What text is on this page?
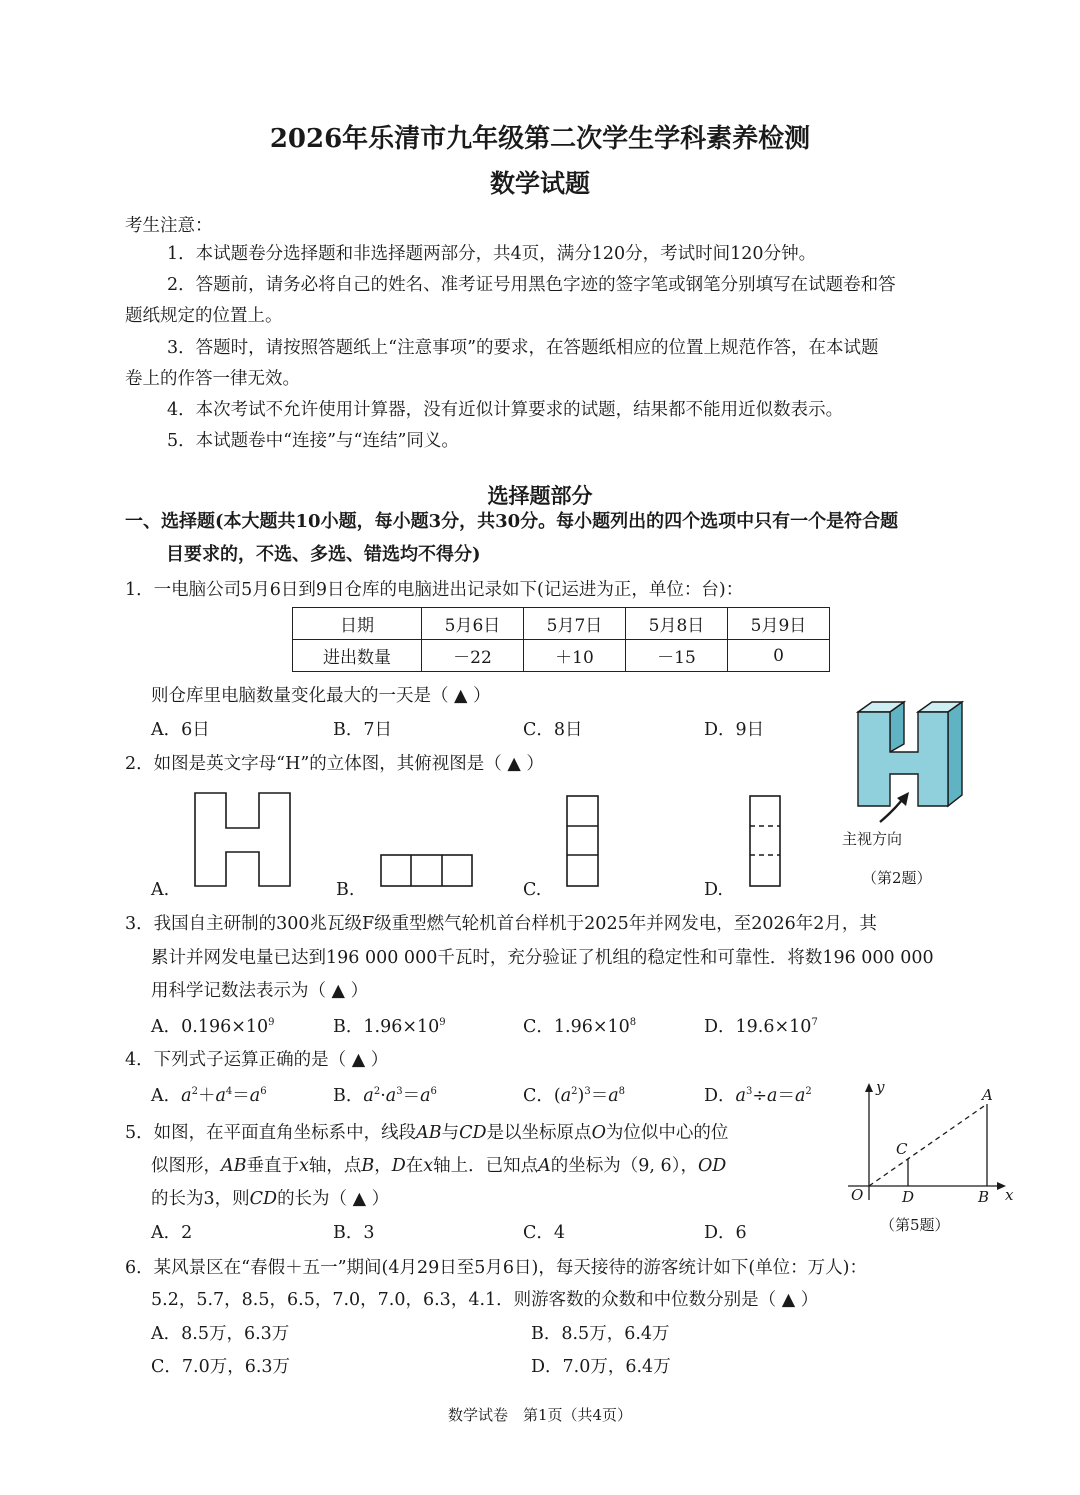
2026年乐清市九年级第二次学生学科素养检测
数学试题
考生注意：
1．本试题卷分选择题和非选择题两部分，共4页，满分120分，考试时间120分钟。
2．答题前，请务必将自己的姓名、准考证号用黑色字迹的签字笔或钢笔分别填写在试题卷和答
题纸规定的位置上。
3．答题时，请按照答题纸上“注意事项”的要求，在答题纸相应的位置上规范作答，在本试题
卷上的作答一律无效。
4．本次考试不允许使用计算器，没有近似计算要求的试题，结果都不能用近似数表示。
5．本试题卷中“连接”与“连结”同义。
选择题部分
一、选择题(本大题共10小题，每小题3分，共30分。每小题列出的四个选项中只有一个是符合题
目要求的，不选、多选、错选均不得分)
1．一电脑公司5月6日到9日仓库的电脑进出记录如下(记运进为正，单位：台)：
日期	5月6日	5月7日	5月8日	5月9日
进出数量	－22	＋10	－15	0
则仓库里电脑数量变化最大的一天是（ ▲ ）
A．6日	B．7日	C．8日	D．9日
2．如图是英文字母“H”的立体图，其俯视图是（ ▲ ）
A.	B.	C.	D.
主视方向
（第2题）
3．我国自主研制的300兆瓦级F级重型燃气轮机首台样机于2025年并网发电，至2026年2月，其
累计并网发电量已达到196 000 000千瓦时，充分验证了机组的稳定性和可靠性．将数196 000 000
用科学记数法表示为（ ▲ ）
A．$0.196\times 10^9$	B．$1.96\times 10^9$	C．$1.96\times 10^8$	D．$19.6\times 10^7$
4．下列式子运算正确的是（ ▲ ）
A．$a^2+a^4=a^6$	B．$a^2\cdot a^3=a^6$	C．$(a^2)^3=a^8$	D．$a^3\div a=a^2$
5．如图，在平面直角坐标系中，线段AB与CD是以坐标原点O为位似中心的位
似图形，AB垂直于x轴，点B，D在x轴上．已知点A的坐标为（9, 6），OD
的长为3，则CD的长为（ ▲ ）
A．2	B．3	C．4	D．6
y	A
C
O	D	B x
（第5题）
6．某风景区在“春假＋五一”期间(4月29日至5月6日)，每天接待的游客统计如下(单位：万人)：
5.2，5.7，8.5，6.5，7.0，7.0，6.3，4.1．则游客数的众数和中位数分别是（ ▲ ）
A．8.5万，6.3万	B．8.5万，6.4万
C．7.0万，6.3万	D．7.0万，6.4万
数学试卷　第1页（共4页）
